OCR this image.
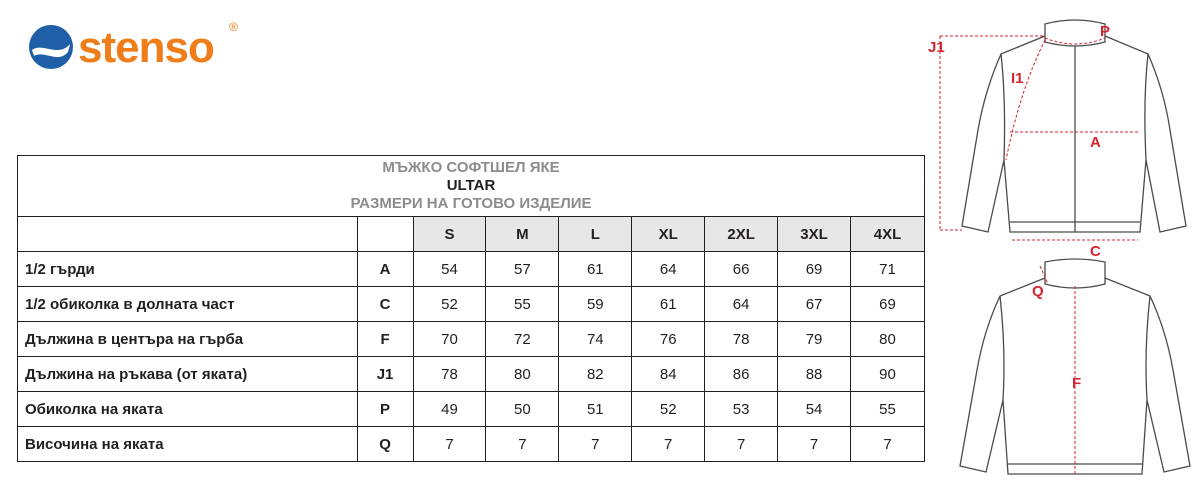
stenso ®
МЪЖКО СОФТШЕЛ ЯКЕ
ULTAR
РАЗМЕРИ НА ГОТОВО ИЗДЕЛИЕ								

		S	M	L	XL	2XL	3XL	4XL
1/2 гърди	A	54	57	61	64	66	69	71
1/2 обиколка в долната част	C	52	55	59	61	64	67	69
Дължина в центъра на гърба	F	70	72	74	76	78	79	80
Дължина на ръкава (от яката)	J1	78	80	82	84	86	88	90
Обиколка на яката	P	49	50	51	52	53	54	55
Височина на яката	Q	7	7	7	7	7	7	7
J1
P
I1
A
C
Q
F
